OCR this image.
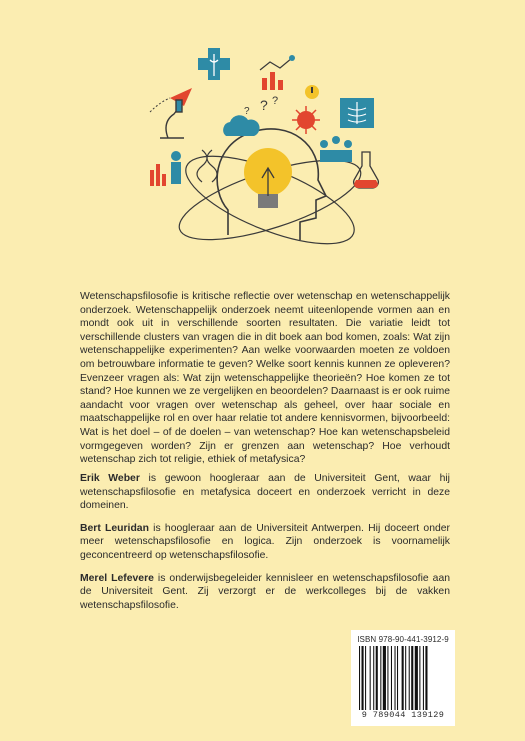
? ?
?

Wetenschapsfilosofie is kritische reflectie over wetenschap en wetenschappelijk onderzoek. Wetenschappelijk onderzoek neemt uiteenlopende vormen aan en mondt ook uit in verschillende soorten resultaten. Die variatie leidt tot verschillende clusters van vragen die in dit boek aan bod komen, zoals: Wat zijn wetenschappelijke experimenten? Aan welke voorwaarden moeten ze voldoen om betrouwbare informatie te geven? Welke soort kennis kunnen ze opleveren? Evenzeer vragen als: Wat zijn wetenschappelijke theorieën? Hoe komen ze tot stand? Hoe kunnen we ze vergelijken en beoordelen? Daarnaast is er ook ruime aandacht voor vragen over wetenschap als geheel, over haar sociale en maatschappelijke rol en over haar relatie tot andere kennisvormen, bijvoorbeeld: Wat is het doel – of de doelen – van wetenschap? Hoe kan wetenschapsbeleid vormgegeven worden? Zijn er grenzen aan wetenschap? Hoe verhoudt wetenschap zich tot religie, ethiek of metafysica?

Erik Weber is gewoon hoogleraar aan de Universiteit Gent, waar hij wetenschapsfilosofie en metafysica doceert en onderzoek verricht in deze domeinen.

Bert Leuridan is hoogleraar aan de Universiteit Antwerpen. Hij doceert onder meer wetenschapsfilosofie en logica. Zijn onderzoek is voornamelijk geconcentreerd op wetenschapsfilosofie.

Merel Lefevere is onderwijsbegeleider kennisleer en wetenschapsfilosofie aan de Universiteit Gent. Zij verzorgt er de werkcolleges bij de vakken wetenschapsfilosofie.

ISBN 978-90-441-3912-9
9 789044 139129
